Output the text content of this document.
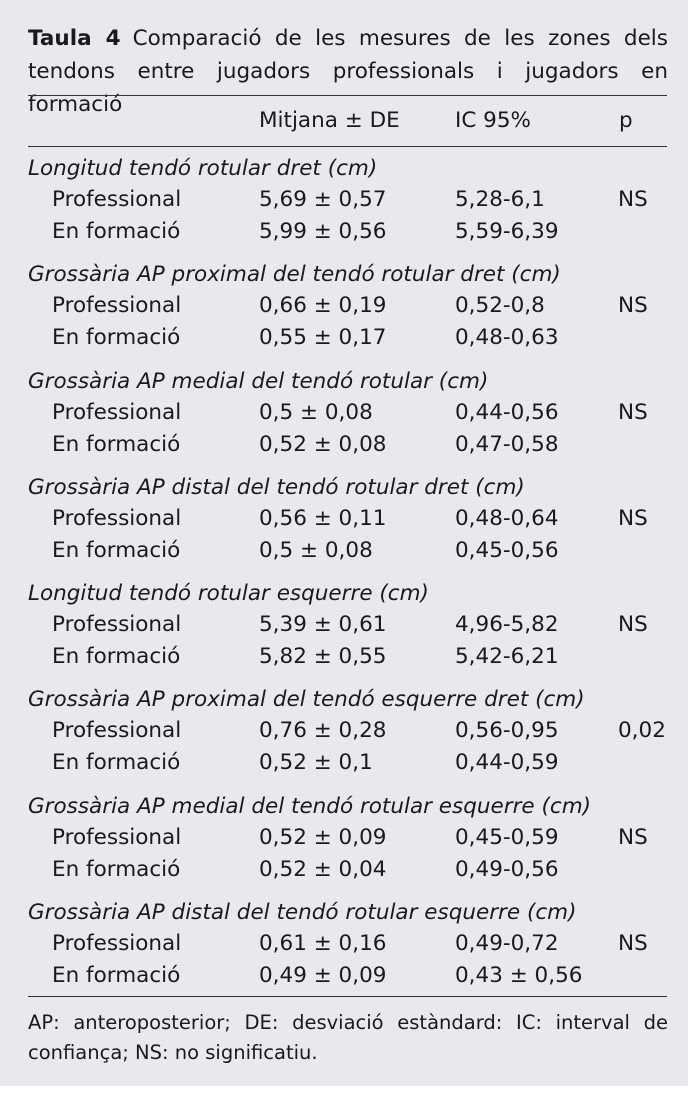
Taula 4 Comparació de les mesures de les zones dels tendons entre jugadors professionals i jugadors en formació

Mitjana ± DE	IC 95%	p
Longitud tendó rotular dret (cm)
Professional	5,69 ± 0,57	5,28-6,1	NS
En formació	5,99 ± 0,56	5,59-6,39
Grossària AP proximal del tendó rotular dret (cm)
Professional	0,66 ± 0,19	0,52-0,8	NS
En formació	0,55 ± 0,17	0,48-0,63
Grossària AP medial del tendó rotular (cm)
Professional	0,5 ± 0,08	0,44-0,56	NS
En formació	0,52 ± 0,08	0,47-0,58
Grossària AP distal del tendó rotular dret (cm)
Professional	0,56 ± 0,11	0,48-0,64	NS
En formació	0,5 ± 0,08	0,45-0,56
Longitud tendó rotular esquerre (cm)
Professional	5,39 ± 0,61	4,96-5,82	NS
En formació	5,82 ± 0,55	5,42-6,21
Grossària AP proximal del tendó esquerre dret (cm)
Professional	0,76 ± 0,28	0,56-0,95	0,02
En formació	0,52 ± 0,1	0,44-0,59
Grossària AP medial del tendó rotular esquerre (cm)
Professional	0,52 ± 0,09	0,45-0,59	NS
En formació	0,52 ± 0,04	0,49-0,56
Grossària AP distal del tendó rotular esquerre (cm)
Professional	0,61 ± 0,16	0,49-0,72	NS
En formació	0,49 ± 0,09	0,43 ± 0,56

AP: anteroposterior; DE: desviació estàndard: IC: interval de confiança; NS: no significatiu.
